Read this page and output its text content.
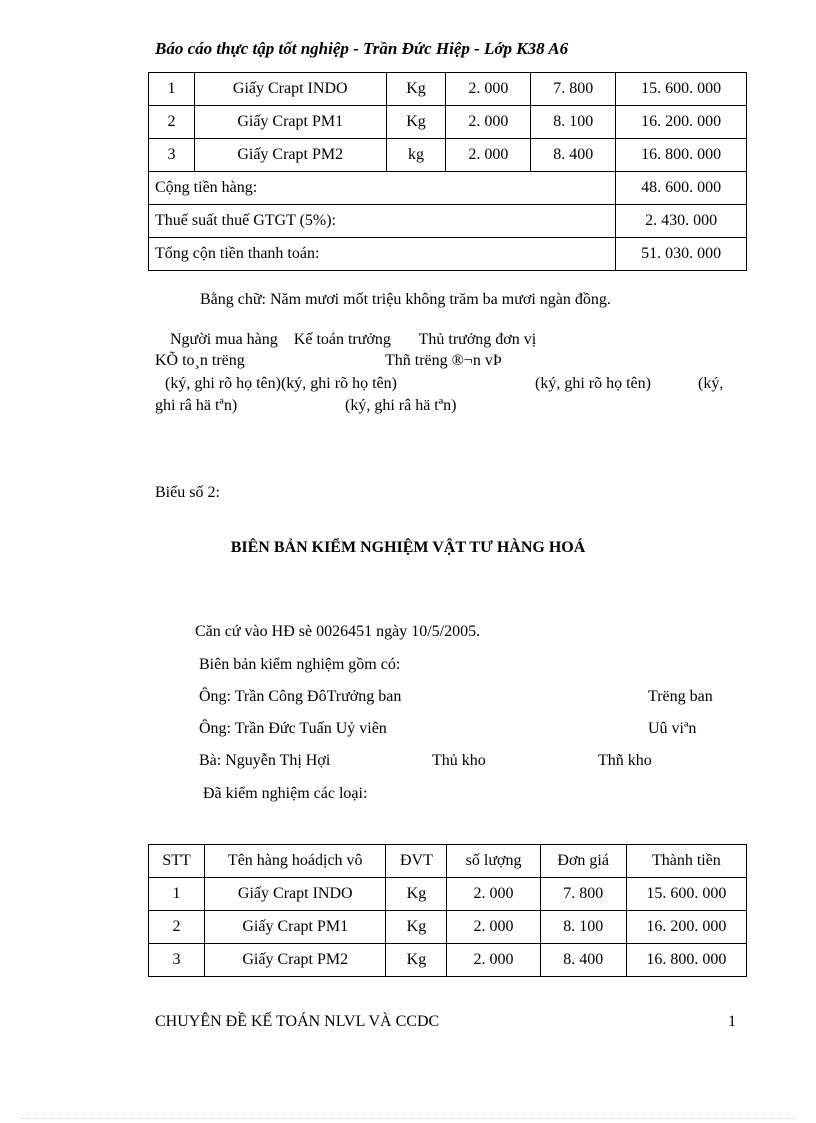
Báo cáo thực tập tốt nghiệp - Trần Đức Hiệp - Lớp K38 A6
1	Giấy Crapt INDO	Kg	2. 000	7. 800	15. 600. 000
2	Giấy Crapt PM1	Kg	2. 000	8. 100	16. 200. 000
3	Giấy Crapt PM2	kg	2. 000	8. 400	16. 800. 000
Cộng tiền hàng:					48. 600. 000
Thuế suất thuế GTGT (5%):					2. 430. 000
Tổng cộn tiền thanh toán:					51. 030. 000
Bằng chữ: Năm mươi mốt triệu không trăm ba mươi ngàn đồng.
Người mua hàng    Kế toán trưởng       Thủ trưởng đơn vị
KÕ to¸n trëng	Thñ trëng ®¬n vÞ
(ký, ghi rõ họ tên)(ký, ghi rõ họ tên)	(ký, ghi rõ họ tên)	(ký,
ghi râ hä tªn)	(ký, ghi râ hä tªn)
Biểu số 2:
BIÊN BẢN KIỂM NGHIỆM VẬT TƯ HÀNG HOÁ
Căn cứ vào HĐ sè 0026451 ngày 10/5/2005.
Biên bản kiểm nghiệm gồm có:
Ông: Trần Công ĐôTrưởng ban	Trëng ban
Ông: Trần Đức Tuấn Uỷ viên	Uû viªn
Bà: Nguyễn Thị Hợi	Thủ kho	Thñ kho
Đã kiểm nghiệm các loại:
STT	Tên hàng hoádịch vô	ĐVT	số lượng	Đơn giá	Thành tiền
1	Giấy Crapt INDO	Kg	2. 000	7. 800	15. 600. 000
2	Giấy Crapt PM1	Kg	2. 000	8. 100	16. 200. 000
3	Giấy Crapt PM2	Kg	2. 000	8. 400	16. 800. 000
CHUYÊN ĐỀ KẾ TOÁN NLVL VÀ CCDC	1
